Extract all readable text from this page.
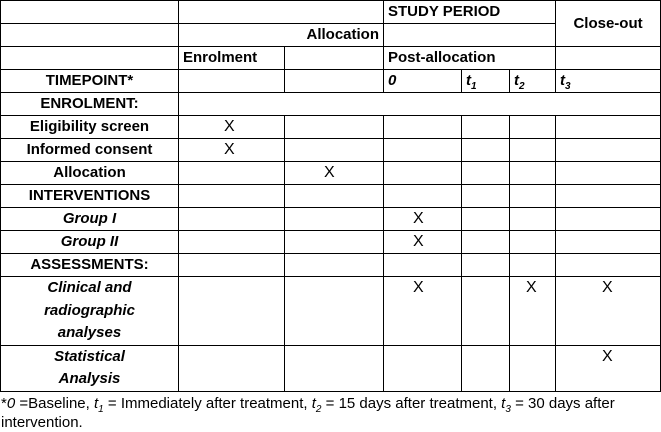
			STUDY PERIOD			Close-out
	Allocation					
	Enrolment		Post-allocation			
TIMEPOINT*			0	$t_1$	$t_2$	$t_3$
ENROLMENT:						
Eligibility screen	X					
Informed consent	X					
Allocation		X				
INTERVENTIONS						
Group I			X			
Group II			X			
ASSESSMENTS:						
Clinical and radiographic analyses			X		X	X
Statistical Analysis						X
*0 =Baseline, $t_1$ = Immediately after treatment, $t_2 = 15$ days after treatment, $t_3 = 30$ days after intervention.
